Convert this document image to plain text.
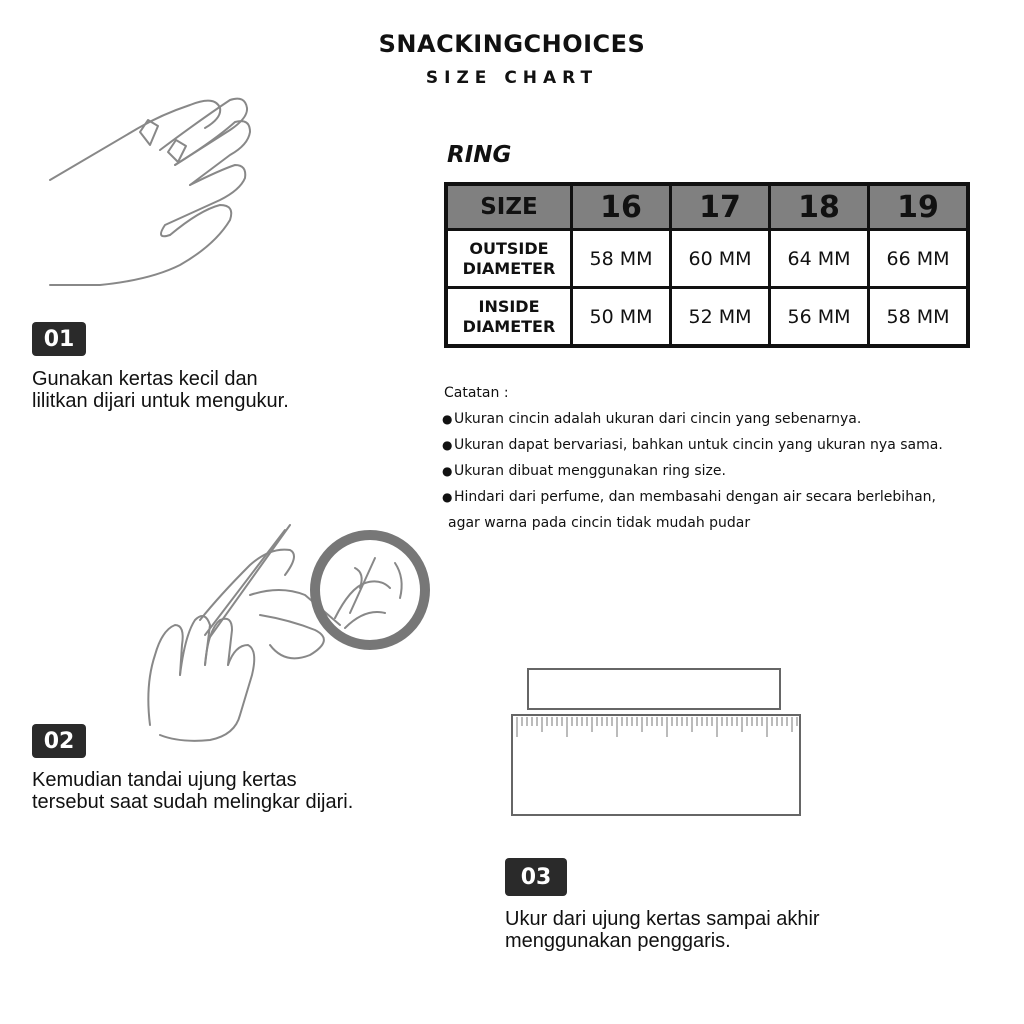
SNACKINGCHOICES
SIZE CHART
01
Gunakan kertas kecil dan
lilitkan dijari untuk mengukur.
02
Kemudian tandai ujung kertas
tersebut saat sudah melingkar dijari.
RING
SIZE	16	17	18	19

OUTSIDE
DIAMETER	58 MM	60 MM	64 MM	66 MM

INSIDE
DIAMETER	50 MM	52 MM	56 MM	58 MM
Catatan :
● Ukuran cincin adalah ukuran dari cincin yang sebenarnya.
● Ukuran dapat bervariasi, bahkan untuk cincin yang ukuran nya sama.
● Ukuran dibuat menggunakan ring size.
● Hindari dari perfume, dan membasahi dengan air secara berlebihan,
agar warna pada cincin tidak mudah pudar
03
Ukur dari ujung kertas sampai akhir
menggunakan penggaris.
